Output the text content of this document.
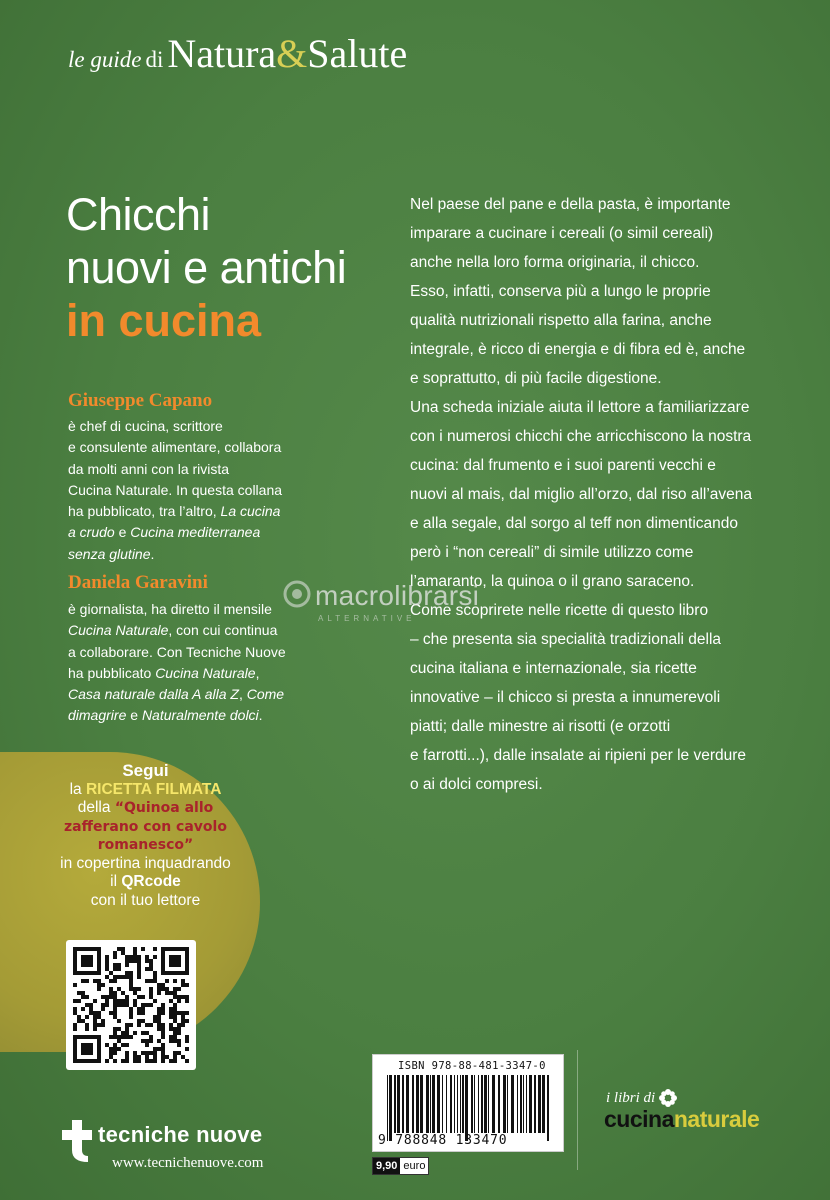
le guide di Natura&Salute
Chicchi
nuovi e antichi
in cucina
Giuseppe Capano
è chef di cucina, scrittore
e consulente alimentare, collabora
da molti anni con la rivista
Cucina Naturale. In questa collana
ha pubblicato, tra l’altro, La cucina
a crudo e Cucina mediterranea
senza glutine.
Daniela Garavini
è giornalista, ha diretto il mensile
Cucina Naturale, con cui continua
a collaborare. Con Tecniche Nuove
ha pubblicato Cucina Naturale,
Casa naturale dalla A alla Z, Come
dimagrire e Naturalmente dolci.

Nel paese del pane e della pasta, è importante

imparare a cucinare i cereali (o simil cereali)

anche nella loro forma originaria, il chicco.

Esso, infatti, conserva più a lungo le proprie

qualità nutrizionali rispetto alla farina, anche

integrale, è ricco di energia e di fibra ed è, anche

e soprattutto, di più facile digestione.

Una scheda iniziale aiuta il lettore a familiarizzare

con i numerosi chicchi che arricchiscono la nostra

cucina: dal frumento e i suoi parenti vecchi e

nuovi al mais, dal miglio all’orzo, dal riso all’avena

e alla segale, dal sorgo al teff non dimenticando

però i “non cereali” di simile utilizzo come

l’amaranto, la quinoa o il grano saraceno.

Come scoprirete nelle ricette di questo libro

– che presenta sia specialità tradizionali della

cucina italiana e internazionale, sia ricette

innovative – il chicco si presta a innumerevoli

piatti; dalle minestre ai risotti (e orzotti

e farrotti...), dalle insalate ai ripieni per le verdure

o ai dolci compresi.

macrolibrarsi
ALTERNATIVE
Segui
la RICETTA FILMATA
della “Quinoa allo
zafferano con cavolo
romanesco”
in copertina inquadrando
il QRcode
con il tuo lettore
tecniche nuove
www.tecnichenuove.com
ISBN 978-88-481-3347-0
9 788848 133470
9,90 euro
i libri di
cucinanaturale
